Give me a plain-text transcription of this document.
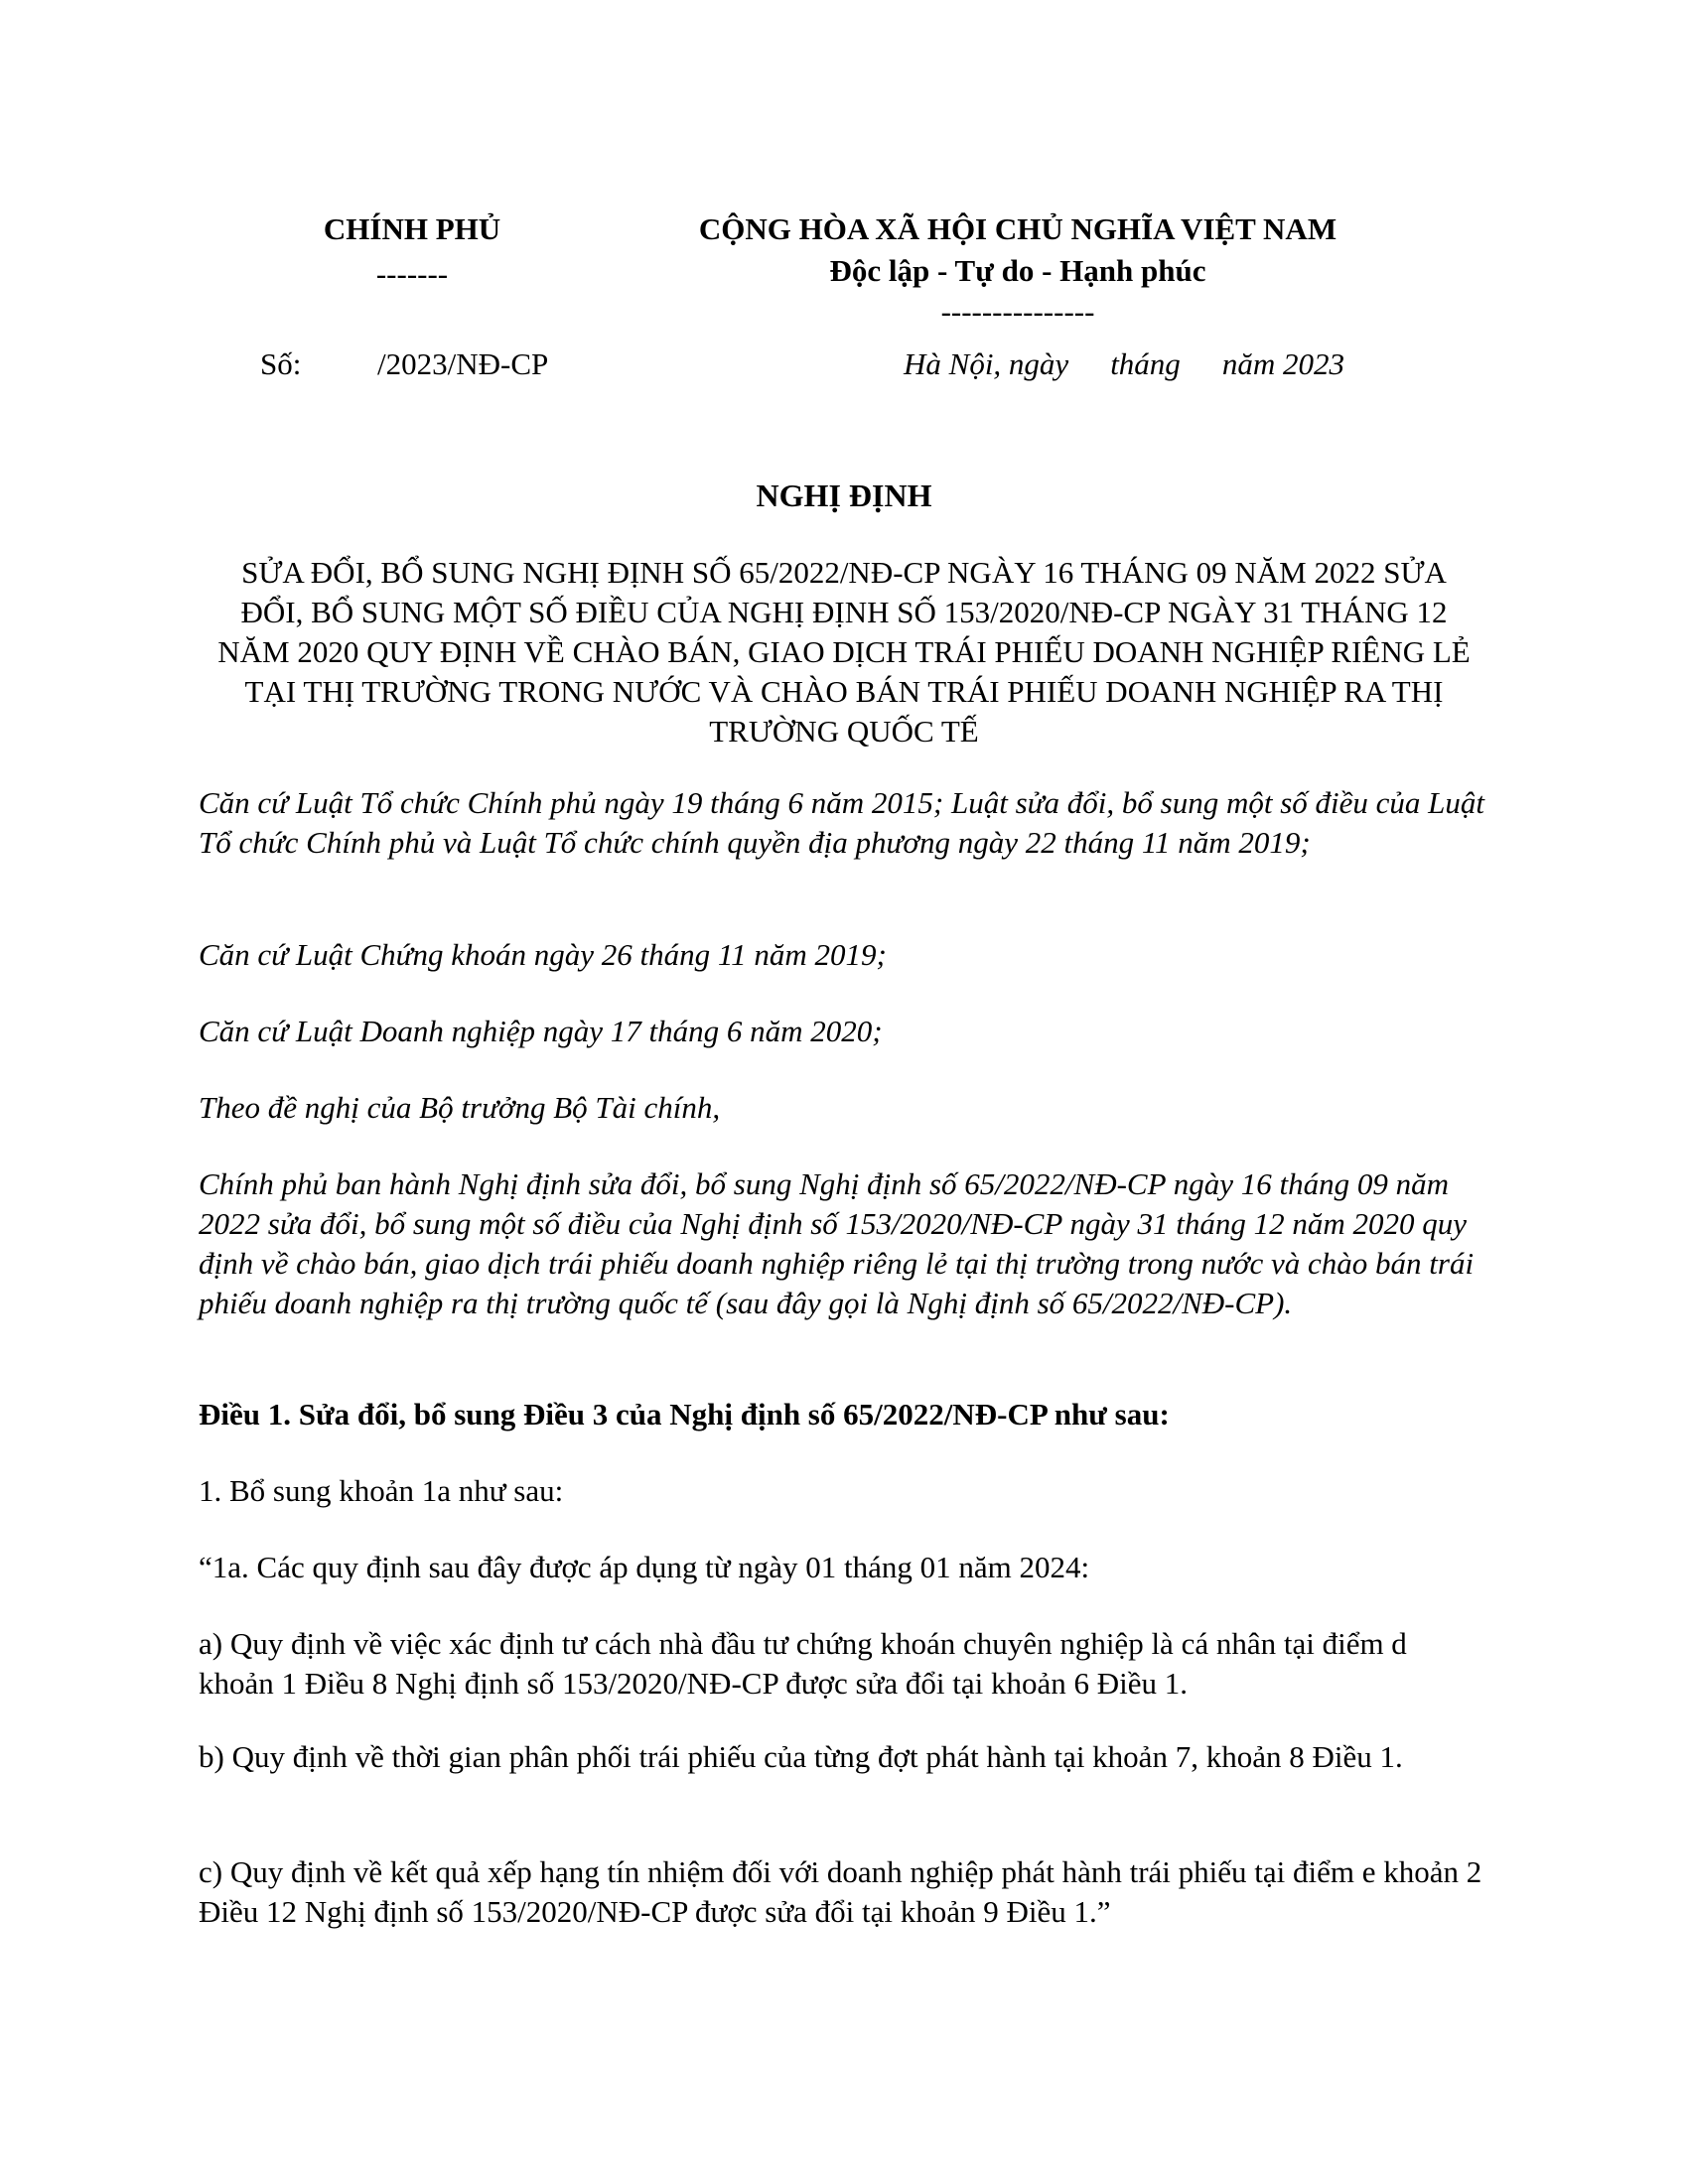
CHÍNH PHỦ
-------
CỘNG HÒA XÃ HỘI CHỦ NGHĨA VIỆT NAM
Độc lập - Tự do - Hạnh phúc
---------------
Số: /2023/NĐ-CP	Hà Nội, ngày tháng năm 2023
NGHỊ ĐỊNH
SỬA ĐỔI, BỔ SUNG NGHỊ ĐỊNH SỐ 65/2022/NĐ-CP NGÀY 16 THÁNG 09 NĂM 2022 SỬA ĐỔI, BỔ SUNG MỘT SỐ ĐIỀU CỦA NGHỊ ĐỊNH SỐ 153/2020/NĐ-CP NGÀY 31 THÁNG 12 NĂM 2020 QUY ĐỊNH VỀ CHÀO BÁN, GIAO DỊCH TRÁI PHIẾU DOANH NGHIỆP RIÊNG LẺ TẠI THỊ TRƯỜNG TRONG NƯỚC VÀ CHÀO BÁN TRÁI PHIẾU DOANH NGHIỆP RA THỊ TRƯỜNG QUỐC TẾ
Căn cứ Luật Tổ chức Chính phủ ngày 19 tháng 6 năm 2015; Luật sửa đổi, bổ sung một số điều của Luật Tổ chức Chính phủ và Luật Tổ chức chính quyền địa phương ngày 22 tháng 11 năm 2019;
Căn cứ Luật Chứng khoán ngày 26 tháng 11 năm 2019;
Căn cứ Luật Doanh nghiệp ngày 17 tháng 6 năm 2020;
Theo đề nghị của Bộ trưởng Bộ Tài chính,
Chính phủ ban hành Nghị định sửa đổi, bổ sung Nghị định số 65/2022/NĐ-CP ngày 16 tháng 09 năm 2022 sửa đổi, bổ sung một số điều của Nghị định số 153/2020/NĐ-CP ngày 31 tháng 12 năm 2020 quy định về chào bán, giao dịch trái phiếu doanh nghiệp riêng lẻ tại thị trường trong nước và chào bán trái phiếu doanh nghiệp ra thị trường quốc tế (sau đây gọi là Nghị định số 65/2022/NĐ-CP).
Điều 1. Sửa đổi, bổ sung Điều 3 của Nghị định số 65/2022/NĐ-CP như sau:
1. Bổ sung khoản 1a như sau:
“1a. Các quy định sau đây được áp dụng từ ngày 01 tháng 01 năm 2024:
a) Quy định về việc xác định tư cách nhà đầu tư chứng khoán chuyên nghiệp là cá nhân tại điểm d khoản 1 Điều 8 Nghị định số 153/2020/NĐ-CP được sửa đổi tại khoản 6 Điều 1.
b) Quy định về thời gian phân phối trái phiếu của từng đợt phát hành tại khoản 7, khoản 8 Điều 1.
c) Quy định về kết quả xếp hạng tín nhiệm đối với doanh nghiệp phát hành trái phiếu tại điểm e khoản 2 Điều 12 Nghị định số 153/2020/NĐ-CP được sửa đổi tại khoản 9 Điều 1.”
